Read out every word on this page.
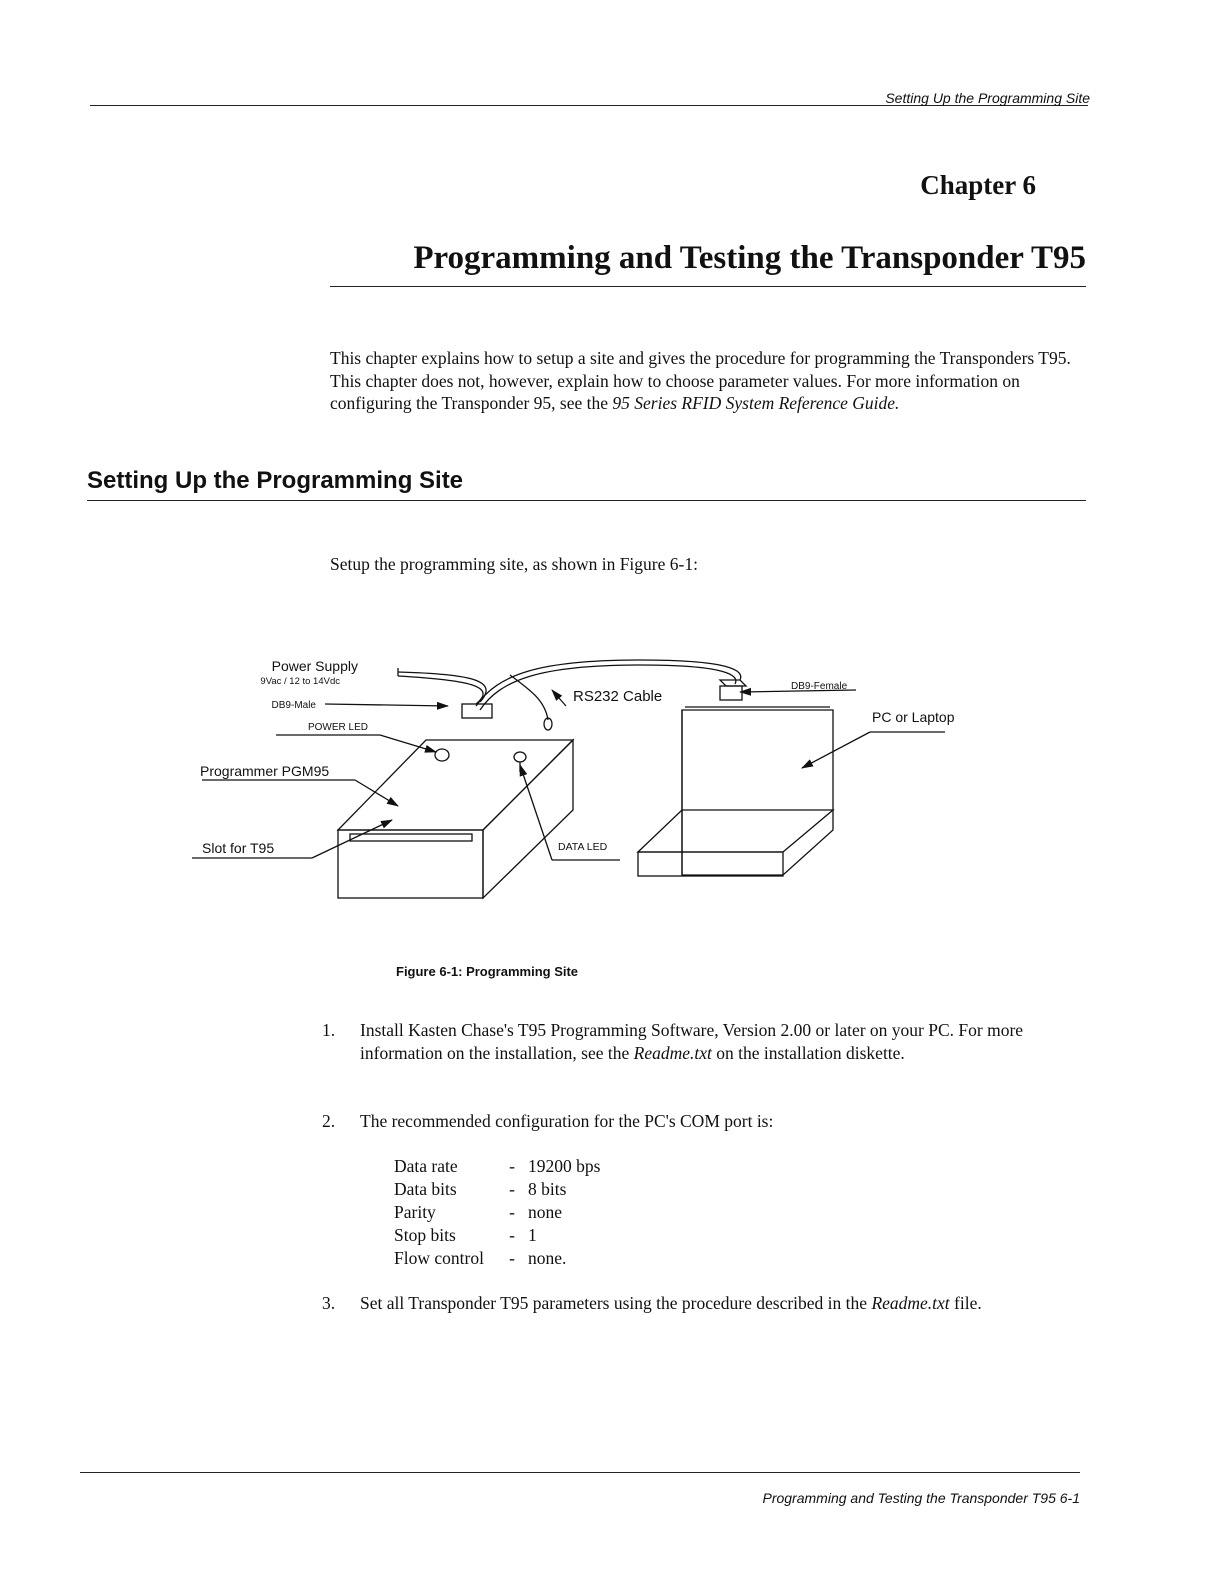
Setting Up the Programming Site
Chapter 6
Programming and Testing the Transponder T95
This chapter explains how to setup a site and gives the procedure for programming the Transponders T95. This chapter does not, however, explain how to choose parameter values. For more information on configuring the Transponder 95, see the 95 Series RFID System Reference Guide.
Setting Up the Programming Site
Setup the programming site, as shown in Figure 6-1:
Power Supply
9Vac / 12 to 14Vdc
DB9-Male
POWER LED
Programmer PGM95
Slot for T95
RS232 Cable
DB9-Female
PC or Laptop
DATA LED
Figure 6-1: Programming Site
1.	Install Kasten Chase's T95 Programming Software, Version 2.00 or later on your PC. For more information on the installation, see the Readme.txt on the installation diskette.
2.	The recommended configuration for the PC's COM port is:
Data rate	-	19200 bps
Data bits	-	8 bits
Parity	-	none
Stop bits	-	1
Flow control	-	none.
3.	Set all Transponder T95 parameters using the procedure described in the Readme.txt file.
Programming and Testing the Transponder T95 6-1
